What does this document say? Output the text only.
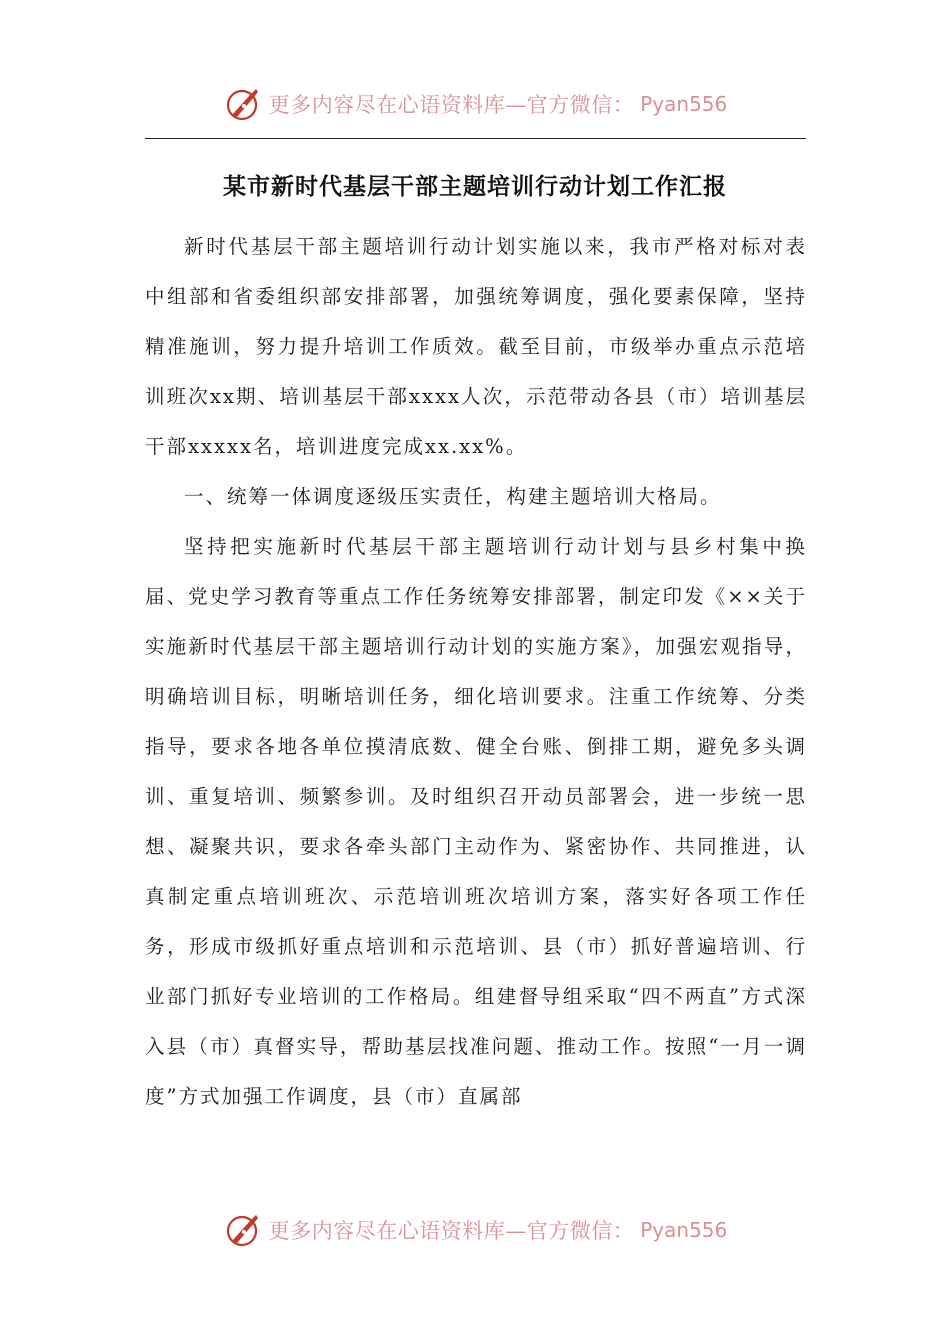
更多内容尽在心语资料库—官方微信： Pyan556
某市新时代基层干部主题培训行动计划工作汇报

新时代基层干部主题培训行动计划实施以来，我市严格对标对表中组部和省委组织部安排部署，加强统筹调度，强化要素保障，坚持精准施训，努力提升培训工作质效。截至目前，市级举办重点示范培训班次xx期、培训基层干部xxxx人次，示范带动各县（市）培训基层干部xxxxx名，培训进度完成xx.xx%。

一、统筹一体调度逐级压实责任，构建主题培训大格局。

坚持把实施新时代基层干部主题培训行动计划与县乡村集中换届、党史学习教育等重点工作任务统筹安排部署，制定印发《××关于实施新时代基层干部主题培训行动计划的实施方案》，加强宏观指导，明确培训目标，明晰培训任务，细化培训要求。注重工作统筹、分类指导，要求各地各单位摸清底数、健全台账、倒排工期，避免多头调训、重复培训、频繁参训。及时组织召开动员部署会，进一步统一思想、凝聚共识，要求各牵头部门主动作为、紧密协作、共同推进，认真制定重点培训班次、示范培训班次培训方案，落实好各项工作任务，形成市级抓好重点培训和示范培训、县（市）抓好普遍培训、行业部门抓好专业培训的工作格局。组建督导组采取“四不两直”方式深入县（市）真督实导，帮助基层找准问题、推动工作。按照“一月一调度”方式加强工作调度，县（市）直属部

更多内容尽在心语资料库—官方微信： Pyan556
